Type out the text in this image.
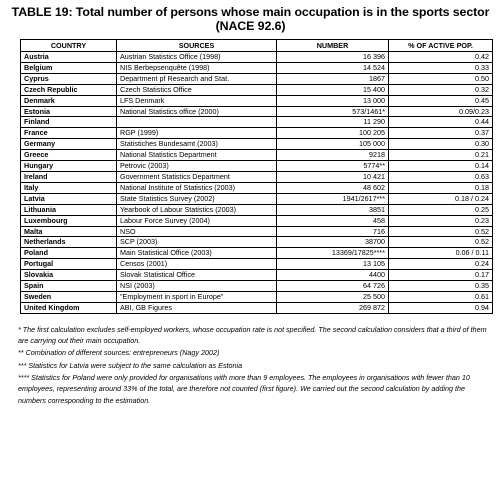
TABLE 19: Total number of persons whose main occupation is in the sports sector (NACE 92.6)
COUNTRY	SOURCES	NUMBER	% OF ACTIVE POP.
Austria	Austrian Statistics Office (1998)	16 396	0.42
Belgium	NIS Berbepsenquête (1998)	14 524	0.33
Cyprus	Department pf Research and Stat.	1867	0.50
Czech Republic	Czech Statistics Office	15 400	0.32
Denmark	LFS Denmark	13 000	0.45
Estonia	National Statistics office (2000)	573/1461*	0.09/0.23
Finland		11 290	0.44
France	RGP (1999)	100 205	0.37
Germany	Statistiches Bundesamt (2003)	105 000	0.30
Greece	National Statistics Department	9218	0.21
Hungary	Petrovic (2003)	5774**	0.14
Ireland	Government Statistics Department	10 421	0.63
Italy	National Institute of Statistics (2003)	48 602	0.18
Latvia	State Statistics Survey (2002)	1941/2617***	0.18 / 0.24
Lithuania	Yearbook of Labour Statistics (2003)	3851	0.25
Luxembourg	Labour Force Survey (2004)	458	0.23
Malta	NSO	716	0.52
Netherlands	SCP (2003)	38700	0.52
Poland	Main Statistical Office (2003)	13369/17825****	0.06 / 0.11
Portugal	Censos (2001)	13 105	0.24
Slovakia	Slovak Statistical Office	4400	0.17
Spain	NSI (2003)	64 726	0.35
Sweden	"Employment in sport in Europe"	25 500	0.61
United Kingdom	ABI, GB Figures	269 872	0.94

* The first calculation excludes self-employed workers, whose occupation rate is not specified. The second calculation considers that a third of them are carrying out their main occupation.

** Combination of different sources: entrepreneurs (Nagy 2002)

*** Statistics for Latvia were subject to the same calculation as Estonia

**** Statistics for Poland were only provided for organisations with more than 9 employees. The employees in organisations with fewer than 10 employees, representing around 33% of the total, are therefore not counted (first figure). We carried out the second calculation by adding the numbers corresponding to the estimation.
